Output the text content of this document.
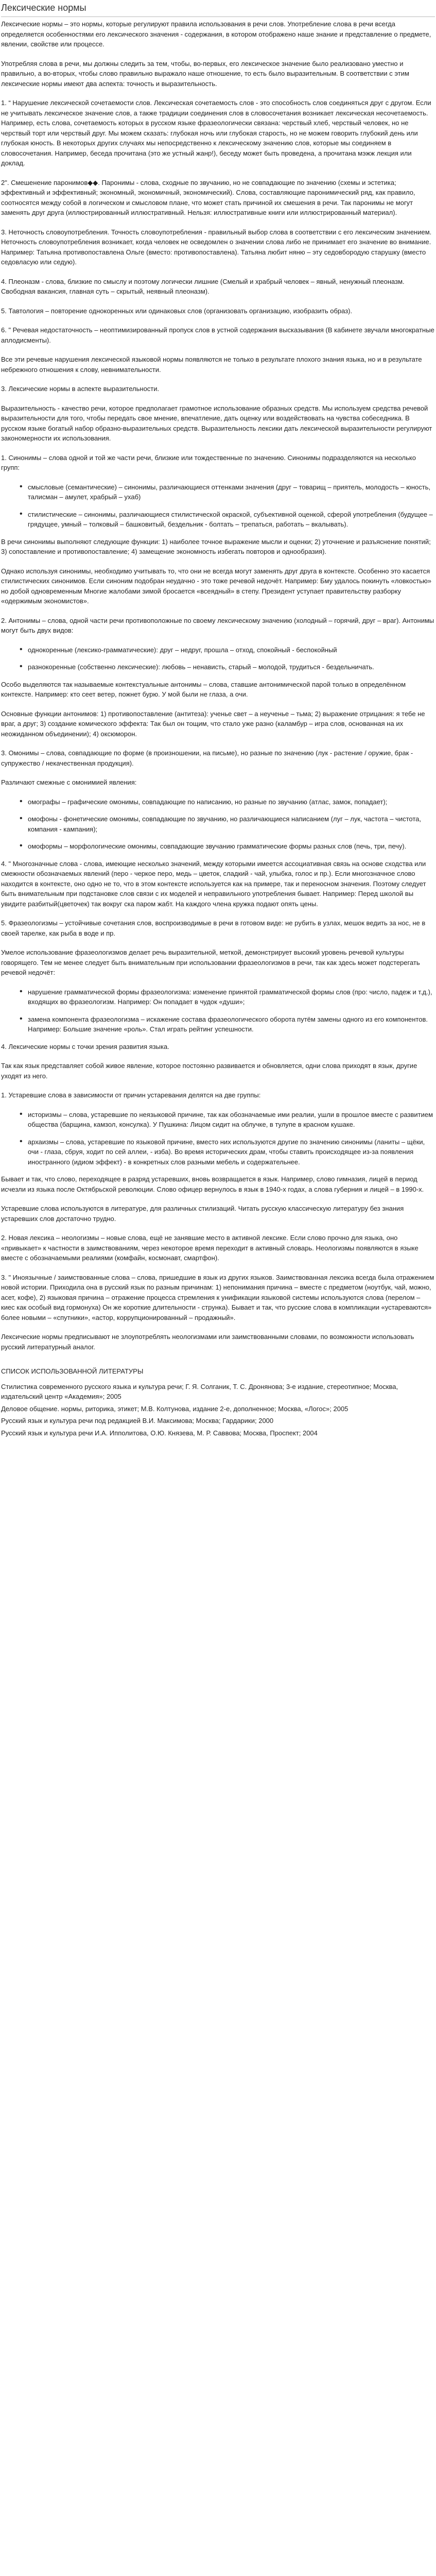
Лексические нормы

Лексические нормы – это нормы, которые регулируют правила использования в речи слов. Употребление слова в речи всегда определяется особенностями его лексического значения - содержания, в котором отображено наше знание и представление о предмете, явлении, свойстве или процессе.

Употребляя слова в речи, мы должны следить за тем, чтобы, во-первых, его лексическое значение было реализовано уместно и правильно, а во-вторых, чтобы слово правильно выражало наше отношение, то есть было выразительным. В соответствии с этим лексические нормы имеют два аспекта: точность и выразительность.

1. “ Нарушение лексической сочетаемости слов. Лексическая сочетаемость слов - это способность слов соединяться друг с другом. Если не учитывать лексическое значение слов, а также традиции соединения слов в словосочетания возникает лексическая несочетаемость. Например, есть слова, сочетаемость которых в русском языке фразеологически связана: черствый хлеб, черствый человек, но не черствый торт или черствый друг. Мы можем сказать: глубокая ночь или глубокая старость, но не можем говорить глубокий день или глубокая юность. В некоторых других случаях мы непосредственно к лексическому значению слов, которые мы соединяем в словосочетания. Например, беседа прочитана (это же устный жанр!), беседу может быть проведена, а прочитана мэжж лекция или доклад.

2". Смешенение паронимов◆◆. Паронимы - слова, сходные по звучанию, но не совпадающие по значению (схемы и эстетика; эффективный и эффективный; экономный, экономичный, экономический). Слова, составляющие паронимический ряд, как правило, соотносятся между собой в логическом и смысловом плане, что может стать причиной их смешения в речи. Так паронимы не могут заменять друг друга (иллюстрированный иллюстративный. Нельзя: иллюстративные книги или иллюстрированный материал).

3. Неточность словоупотребления. Точность словоупотребления - правильный выбор слова в соответствии с его лексическим значением. Неточность словоупотребления возникает, когда человек не осведомлен о значении слова либо не принимает его значение во внимание. Например: Татьяна противопоставлена Ольге (вместо: противопоставлена). Татьяна любит няню – эту седовбородую старушку (вместо седовласую или седую).

4. Плеоназм - слова, близкие по смыслу и поэтому логически лишние (Смелый и храбрый человек – явный, ненужный плеоназм. Свободная вакансия, главная суть – скрытый, неявный плеоназм).

5. Тавтология – повторение однокоренных или одинаковых слов (организовать организацию, изобразить образ).

6. " Речевая недостаточность – неоптимизированный пропуск слов в устной содержания высказывания (В кабинете звучали многократные аплодисменты).

Все эти речевые нарушения лексической языковой нормы появляются не только в результате плохого знания языка, но и в результате небрежного отношения к слову, невнимательности.

3. Лексические нормы в аспекте выразительности.

Выразительность - качество речи, которое предполагает грамотное использование образных средств. Мы используем средства речевой выразительности для того, чтобы передать свое мнение, впечатление, дать оценку или воздействовать на чувства собеседника. В русском языке богатый набор образно-выразительных средств. Выразительность лексики дать лексической выразительности регулируют закономерности их использования.

1. Синонимы – слова одной и той же части речи, близкие или тождественные по значению. Синонимы подразделяются на несколько групп:

• смысловые (семантические) – синонимы, различающиеся оттенками значения (друг – товарищ – приятель, молодость – юность, талисман – амулет, храбрый – ухаб)
• стилистические – синонимы, различающиеся стилистической окраской, субъективной оценкой, сферой употребления (будущее – грядущее, умный – толковый – башковитый, бездельник - болтать – трепаться, работать – вкалывать).

В речи синонимы выполняют следующие функции: 1) наиболее точное выражение мысли и оценки; 2) уточнение и разъяснение понятий; 3) сопоставление и противопоставление; 4) замещение экономность избегать повторов и однообразия).

Однако используя синонимы, необходимо учитывать то, что они не всегда могут заменять друг друга в контексте. Особенно это касается стилистических синонимов. Если синоним подобран неудачно - это тоже речевой недочёт. Например: Бму удалось покинуть «ловкостью» но добой одновременным Многие жалобами зимой бросается «всеядный» в степу. Президент уступает правительству разборку «одержимым экономистов».

2. Антонимы – слова, одной части речи противоположные по своему лексическому значению (холодный – горячий, друг – враг). Антонимы могут быть двух видов:

• однокоренные (лексико-грамматические): друг – недруг, прошла – отход, спокойный - беспокойный
• разнокоренные (собственно лексические): любовь – ненависть, старый – молодой, трудиться - бездельничать.

Особо выделяются так называемые контекстуальные антонимы – слова, ставшие антонимической парой только в определённом контексте. Например: кто сеет ветер, пожнет бурю. У мой были не глаза, а очи.

Основные функции антонимов: 1) противопоставление (антитеза): ученье свет – а неученье – тьма; 2) выражение отрицания: я тебе не враг, а друг; 3) создание комического эффекта: Так был он тощим, что стало уже разно (каламбур – игра слов, основанная на их неожиданном объединении); 4) оксюморон.

3. Омонимы – слова, совпадающие по форме (в произношении, на письме), но разные по значению (лук - растение / оружие, брак - супружество / некачественная продукция).

Различают смежные с омонимией явления:

• омографы – графические омонимы, совпадающие по написанию, но разные по звучанию (атлас, замок, попадает);
• омофоны - фонетические омонимы, совпадающие по звучанию, но различающиеся написанием (луг – лук, частота – чистота, компания - кампания);
• омоформы – морфологические омонимы, совпадающие звучанию грамматические формы разных слов (печь, три, печу).

4. " Многозначные слова - слова, имеющие несколько значений, между которыми имеется ассоциативная связь на основе сходства или смежности обозначаемых явлений (перо - черкое перо, медь – цветок, сладкий - чай, улыбка, голос и пр.). Если многозначное слово находится в контексте, оно одно не то, что в этом контексте используется как на примере, так и переносном значения. Поэтому следует быть внимательным при подстановке слов связи с их моделей и неправильного употребления бывает. Например: Перед школой вы увидите разбитый(цветочек) так вокруг ска паром жабт. На каждого члена кружка подают опять цены.

5. Фразеологизмы – устойчивые сочетания слов, воспроизводимые в речи в готовом виде: не рубить в узлах, мешок ведить за нос, не в своей тарелке, как рыба в воде и пр.

Умелое использование фразеологизмов делает речь выразительной, меткой, демонстрирует высокий уровень речевой культуры говорящего. Тем не менее следует быть внимательным при использовании фразеологизмов в речи, так как здесь может подстерегать речевой недочёт:

• нарушение грамматической формы фразеологизма: изменение принятой грамматической формы слов (про: число, падеж и т.д.), входящих во фразеологизм. Например: Он попадает в чудок «души»;
• замена компонента фразеологизма – искажение состава фразеологического оборота путём замены одного из его компонентов. Например: Большие значение «роль». Стал играть рейтинг успешности.

4. Лексические нормы с точки зрения развития языка.

Так как язык представляет собой живое явление, которое постоянно развивается и обновляется, одни слова приходят в язык, другие уходят из него.

1. Устаревшие слова в зависимости от причин устаревания делятся на две группы:

• историзмы – слова, устаревшие по неязыковой причине, так как обозначаемые ими реалии, ушли в прошлое вместе с развитием общества (барщина, камзол, консулка). У Пушкина: Лицом сидит на облучке, в тулупе в красном кушаке.
• архаизмы – слова, устаревшие по языковой причине, вместо них используются другие по значению синонимы (ланиты – щёки, очи - глаза, сбруя, ходит по сей аллеи, - изба). Во время исторических драм, чтобы ставить происходящее из-за появления иностранного (идиом эффект) - в конкретных слов разными мебель и содержательнее.

Бывает и так, что слово, переходящее в разряд устаревших, вновь возвращается в язык. Например, слово гимназия, лицей в период исчезли из языка после Октябрьской революции. Слово офицер вернулось в язык в 1940-х годах, а слова губерния и лицей – в 1990-х.

Устаревшие слова используются в литературе, для различных стилизаций. Читать русскую классическую литературу без знания устаревших слов достаточно трудно.

2. Новая лексика – неологизмы – новые слова, ещё не занявшие место в активной лексике. Если слово прочно для языка, оно «привыкает» к частности в заимствованиям, через некоторое время переходит в активный словарь. Неологизмы появляются в языке вместе с обозначаемыми реалиями (комфайн, космонавт, смартфон).

3. " Иноязычные / заимствованные слова – слова, пришедшие в язык из других языков. Заимствованная лексика всегда была отражением новой истории. Приходила она в русский язык по разным причинам: 1) непонимания причина – вместе с предметом (ноутбук, чай, можно, асет, кофе), 2) языковая причина – отражение процесса стремления к унификации языковой системы используются слова (перелом – киес как особый вид гормонуха) Он же короткие длительности - струнка). Бывает и так, что русские слова в компликации «устареваются» более новыми – «спутники», «астор, коррупционированный – продажный».

Лексические нормы предписывают не злоупотреблять неологизмами или заимствованными словами, по возможности использовать русский литературный аналог.

СПИСОК ИСПОЛЬЗОВАННОЙ ЛИТЕРАТУРЫ

Стилистика современного русского языка и культура речи; Г. Я. Солганик, Т. С. Дронянова; 3-е издание, стереотипное; Москва, издательский центр «Академия»; 2005

Деловое общение. нормы, риторика, этикет; М.В. Колтунова, издание 2-е, дополненное; Москва, «Логос»; 2005

Русский язык и культура речи под редакцией В.И. Максимова; Москва; Гардарики; 2000

Русский язык и культура речи И.А. Ипполитова, О.Ю. Князева, М. Р. Саввова; Москва, Проспект; 2004
